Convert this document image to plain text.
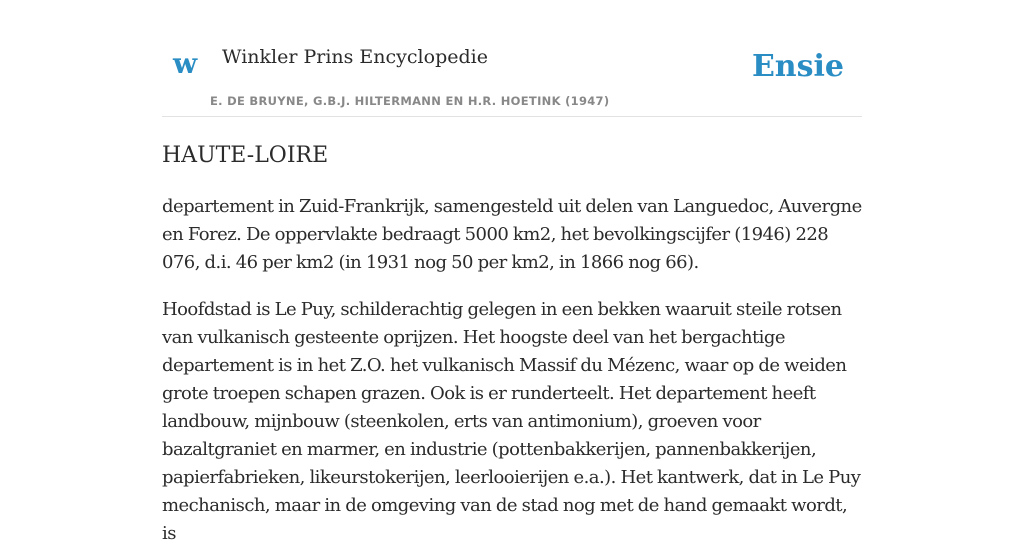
w Winkler Prins Encyclopedie
E. DE BRUYNE, G.B.J. HILTERMANN EN H.R. HOETINK (1947)
Ensie
HAUTE-LOIRE

departement in Zuid-Frankrijk, samengesteld uit delen van Languedoc, Auvergne en Forez. De oppervlakte bedraagt 5000 km2, het bevolkingscijfer (1946) 228 076, d.i. 46 per km2 (in 1931 nog 50 per km2, in 1866 nog 66).

Hoofdstad is Le Puy, schilderachtig gelegen in een bekken waaruit steile rotsen van vulkanisch gesteente oprijzen. Het hoogste deel van het bergachtige departement is in het Z.O. het vulkanisch Massif du Mézenc, waar op de weiden grote troepen schapen grazen. Ook is er runderteelt. Het departement heeft landbouw, mijnbouw (steenkolen, erts van antimonium), groeven voor bazaltgraniet en marmer, en industrie (pottenbakkerijen, pannenbakkerijen, papierfabrieken, likeurstokerijen, leerlooierijen e.a.). Het kantwerk, dat in Le Puy mechanisch, maar in de omgeving van de stad nog met de hand gemaakt wordt, is
